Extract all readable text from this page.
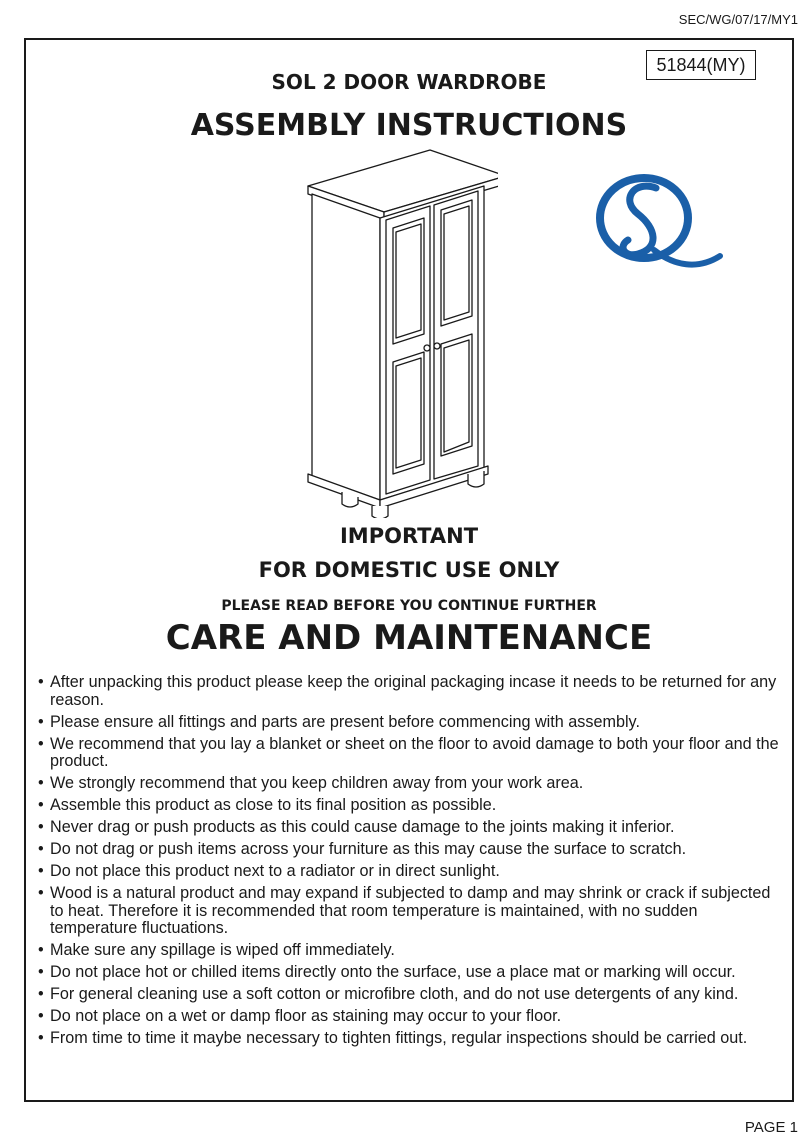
SEC/WG/07/17/MY1
51844(MY)
SOL 2 DOOR WARDROBE
ASSEMBLY INSTRUCTIONS
IMPORTANT
FOR DOMESTIC USE ONLY
PLEASE READ BEFORE YOU CONTINUE FURTHER
CARE AND MAINTENANCE
• After unpacking this product please keep the original packaging incase it needs to be returned for any reason.
• Please ensure all fittings and parts are present before commencing with assembly.
• We recommend that you lay a blanket or sheet on the floor to avoid damage to both your floor and the product.
• We strongly recommend that you keep children away from your work area.
• Assemble this product as close to its final position as possible.
• Never drag or push products as this could cause damage to the joints making it inferior.
• Do not drag or push items across your furniture as this may cause the surface to scratch.
• Do not place this product next to a radiator or in direct sunlight.
• Wood is a natural product and may expand if subjected to damp and may shrink or crack if subjected to heat. Therefore it is recommended that room temperature is maintained, with no sudden temperature fluctuations.
• Make sure any spillage is wiped off immediately.
• Do not place hot or chilled items directly onto the surface, use a place mat or marking will occur.
• For general cleaning use a soft cotton or microfibre cloth, and do not use detergents of any kind.
• Do not place on a wet or damp floor as staining may occur to your floor.
• From time to time it maybe necessary to tighten fittings, regular inspections should be carried out.
PAGE 1
